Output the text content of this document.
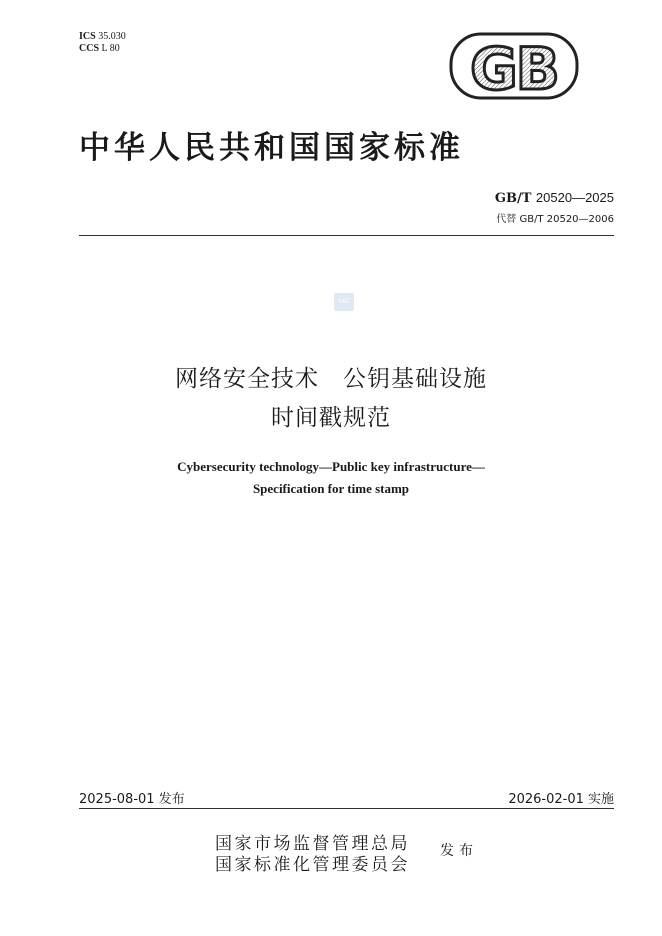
ICS 35.030
CCS L 80	GB
中华人民共和国国家标准
GB/T 20520—2025
代替 GB/T 20520—2006
SAC
网络安全技术　公钥基础设施
时间戳规范
Cybersecurity technology—Public key infrastructure—
Specification for time stamp
2025-08-01 发布	2026-02-01 实施
国家市场监督管理总局
国家标准化管理委员会
发布
